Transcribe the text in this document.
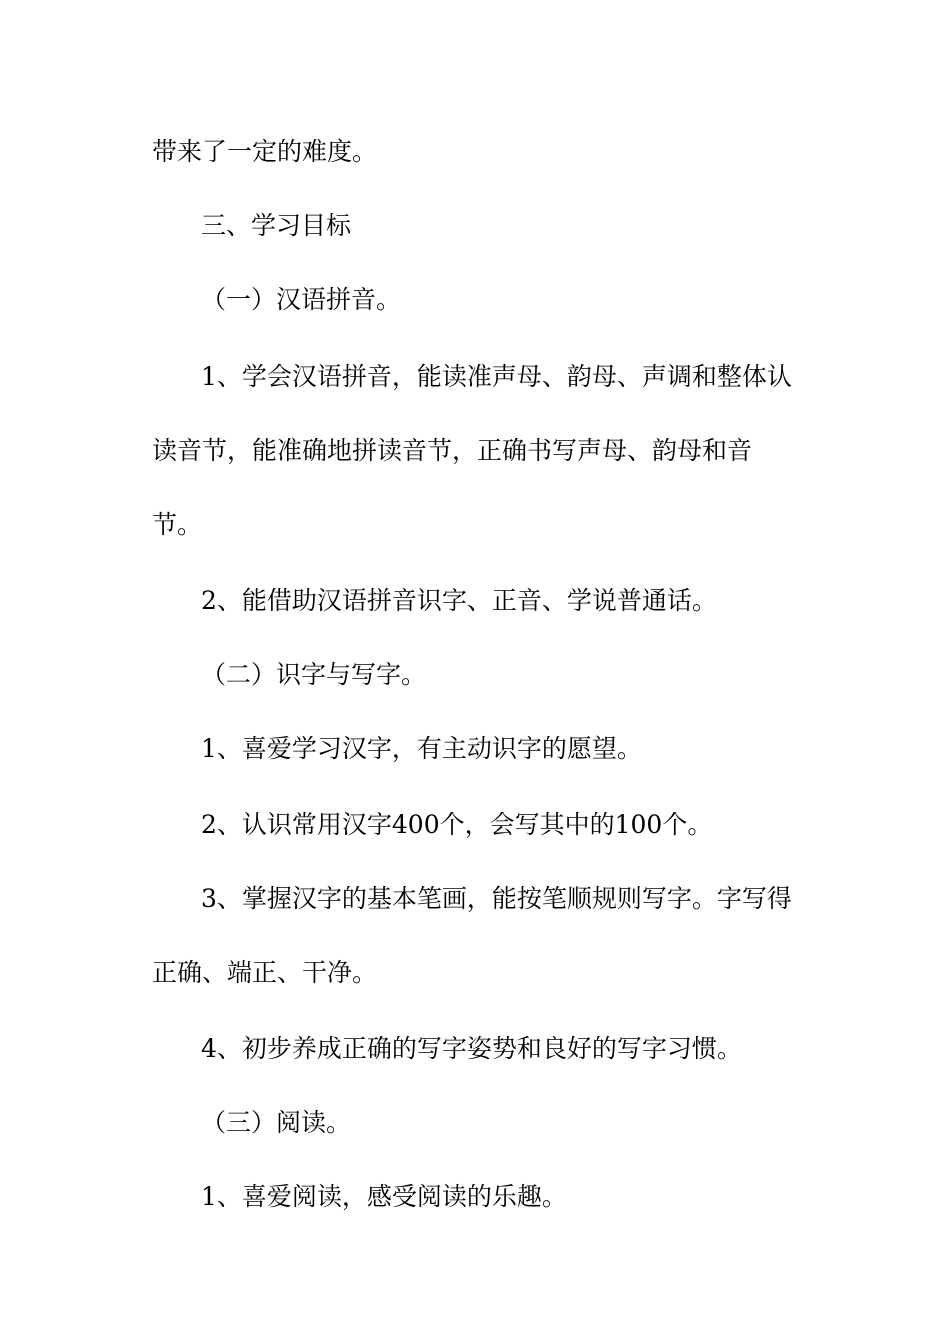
带来了一定的难度。

三、学习目标

（一）汉语拼音。

1、学会汉语拼音，能读准声母、韵母、声调和整体认

读音节，能准确地拼读音节，正确书写声母、韵母和音

节。

2、能借助汉语拼音识字、正音、学说普通话。

（二）识字与写字。

1、喜爱学习汉字，有主动识字的愿望。

2、认识常用汉字400个，会写其中的100个。

3、掌握汉字的基本笔画，能按笔顺规则写字。字写得

正确、端正、干净。

4、初步养成正确的写字姿势和良好的写字习惯。

（三）阅读。

1、喜爱阅读，感受阅读的乐趣。
